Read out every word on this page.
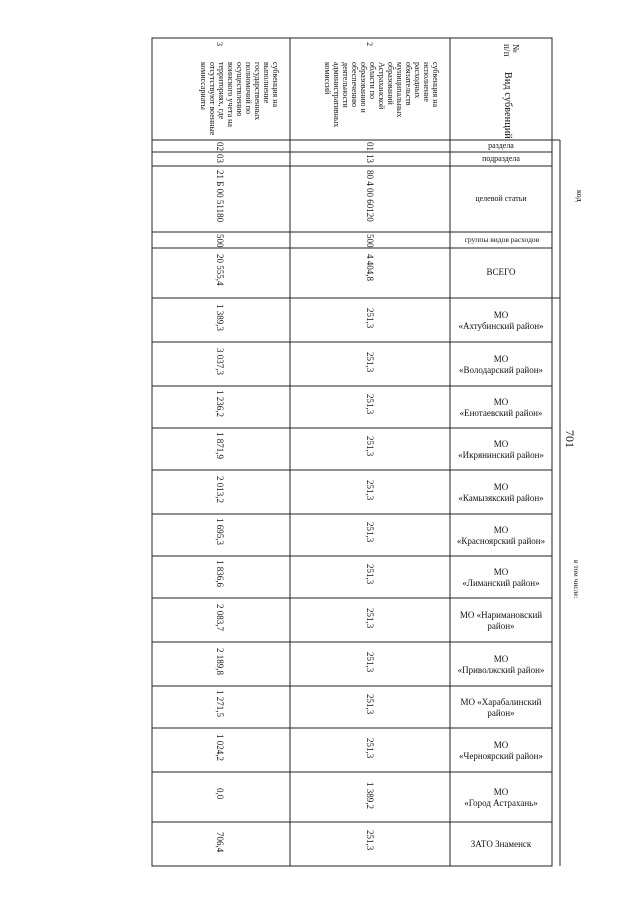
701
№
п/п
Вид субвенций
код
в том числе:
раздела
подраздела
целевой статьи
группы видов расходов
ВСЕГО
МО
«Ахтубинский район»
МО
«Володарский район»
МО
«Енотаевский район»
МО
«Икрянинский район»
МО
«Камызякский район»
МО
«Красноярский район»
МО
«Лиманский район»
МО «Наримановский
район»
МО
«Приволжский район»
МО «Харабалинский
район»
МО
«Черноярский район»
МО
«Город Астрахань»
ЗАТО Знаменск
2
субвенция на исполнение расходных обязательств муниципальных образований Астраханской области по образованию и обеспечению деятельности административных комиссий
3
субвенция на выполнение государственных полномочий по осуществлению воинского учета на территориях, где отсутствуют военные комиссариаты
01
13
80 4 00 60120
500
4 404,8
02
03
21 Б 00 51180
500
20 555,4
251,3
251,3
251,3
251,3
251,3
251,3
251,3
251,3
251,3
251,3
251,3
1 389,2
251,3
1 389,3
3 037,3
1 236,2
1 871,9
2 013,2
1 695,3
1 836,6
2 083,7
2 189,8
1 271,5
1 024,2
0,0
706,4
